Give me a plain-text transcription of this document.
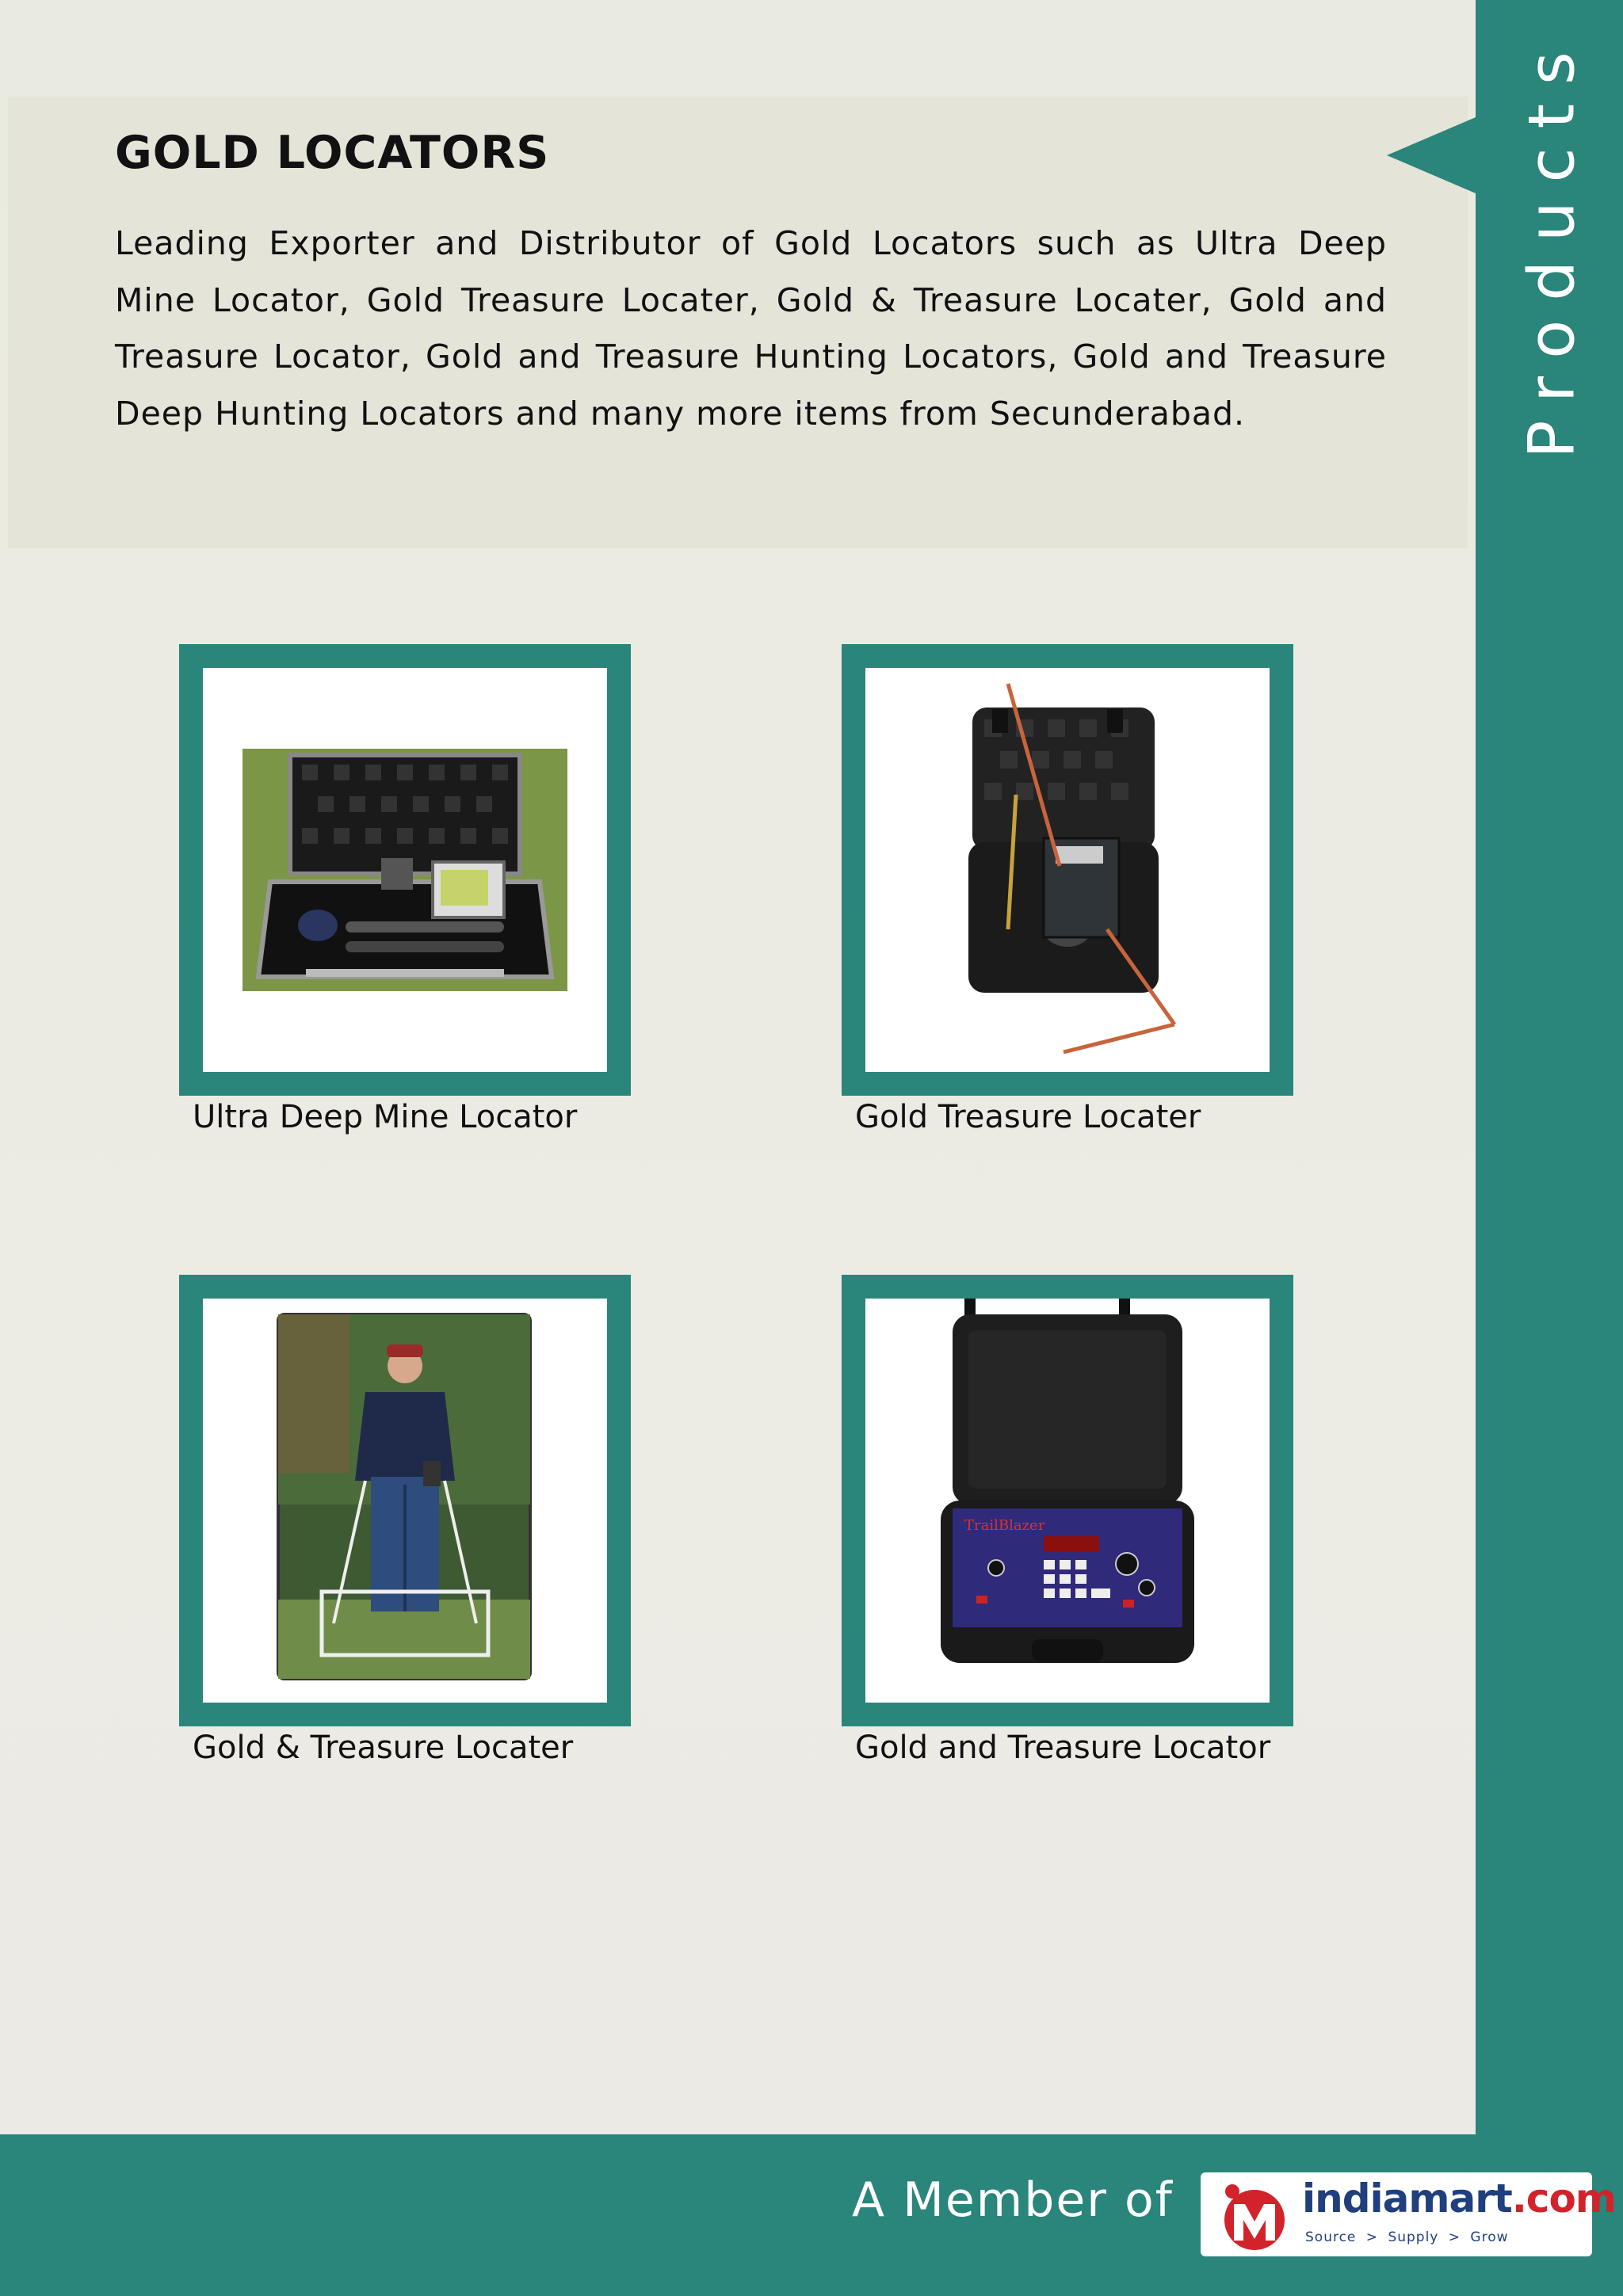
GOLD LOCATORS

Leading Exporter and Distributor of Gold Locators such as Ultra Deep Mine Locator, Gold Treasure Locater, Gold & Treasure Locater, Gold and Treasure Locator, Gold and Treasure Hunting Locators, Gold and Treasure Deep Hunting Locators and many more items from Secunderabad.	Products
Ultra Deep Mine Locator	Gold Treasure Locater
Gold & Treasure Locater
TrailBlazer
Gold and Treasure Locator
A Member of	indiamart.com
Source > Supply > Grow
